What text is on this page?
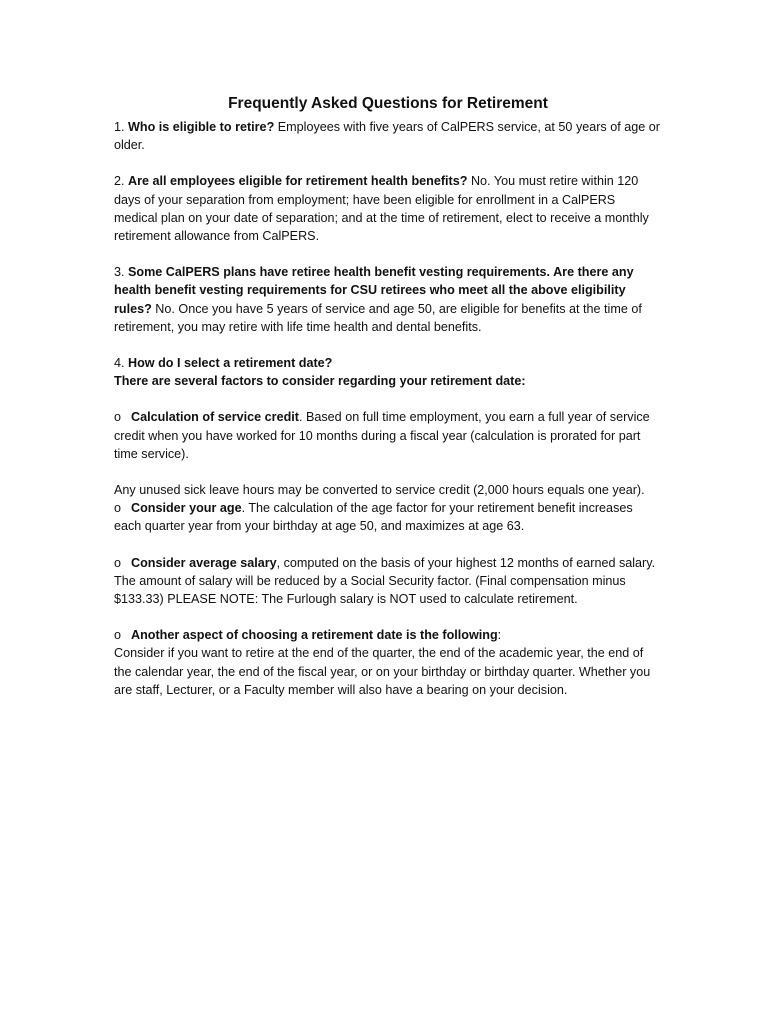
Frequently Asked Questions for Retirement

1. Who is eligible to retire? Employees with five years of CalPERS service, at 50 years of age or older.

2. Are all employees eligible for retirement health benefits? No. You must retire within 120 days of your separation from employment; have been eligible for enrollment in a CalPERS medical plan on your date of separation; and at the time of retirement, elect to receive a monthly retirement allowance from CalPERS.

3. Some CalPERS plans have retiree health benefit vesting requirements. Are there any health benefit vesting requirements for CSU retirees who meet all the above eligibility rules? No. Once you have 5 years of service and age 50, are eligible for benefits at the time of retirement, you may retire with life time health and dental benefits.

4. How do I select a retirement date?
There are several factors to consider regarding your retirement date:

o Calculation of service credit. Based on full time employment, you earn a full year of service credit when you have worked for 10 months during a fiscal year (calculation is prorated for part time service).

Any unused sick leave hours may be converted to service credit (2,000 hours equals one year).

o Consider your age. The calculation of the age factor for your retirement benefit increases each quarter year from your birthday at age 50, and maximizes at age 63.

o Consider average salary, computed on the basis of your highest 12 months of earned salary. The amount of salary will be reduced by a Social Security factor. (Final compensation minus $133.33) PLEASE NOTE: The Furlough salary is NOT used to calculate retirement.

o Another aspect of choosing a retirement date is the following:
Consider if you want to retire at the end of the quarter, the end of the academic year, the end of the calendar year, the end of the fiscal year, or on your birthday or birthday quarter. Whether you are staff, Lecturer, or a Faculty member will also have a bearing on your decision.
